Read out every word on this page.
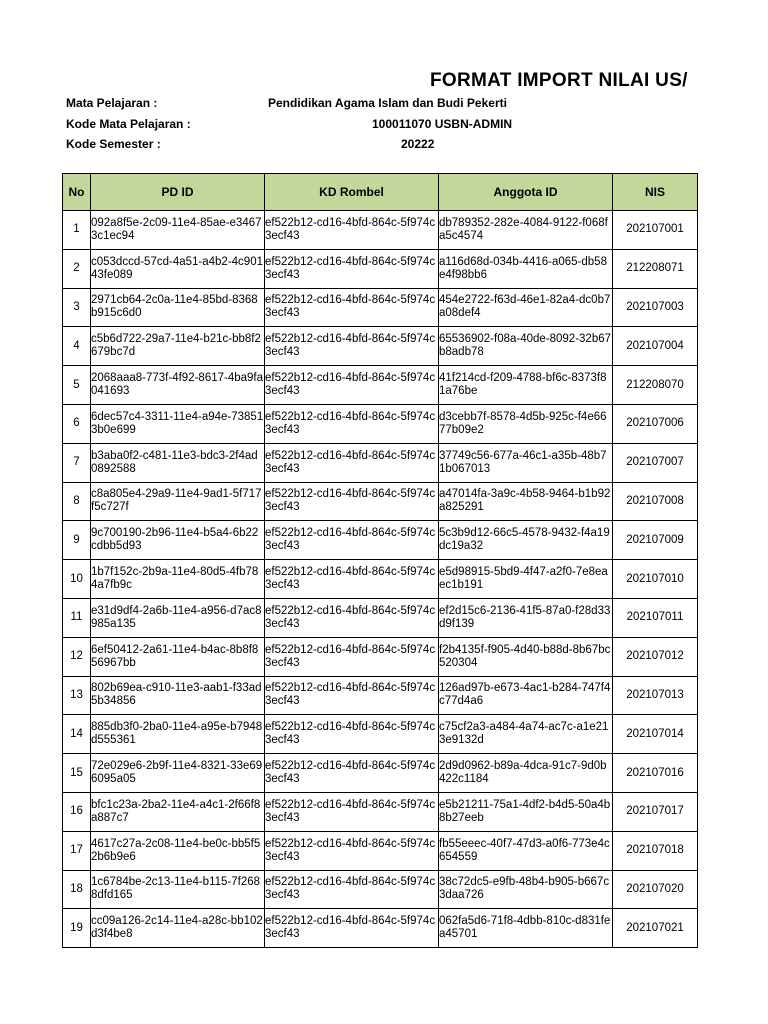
FORMAT IMPORT NILAI US/
Mata Pelajaran :	Pendidikan Agama Islam dan Budi Pekerti
Kode Mata Pelajaran :	100011070 USBN-ADMIN
Kode Semester :	20222
No	PD ID	KD Rombel	Anggota ID	NIS
1	092a8f5e-2c09-11e4-85ae-e34673c1ec94	ef522b12-cd16-4bfd-864c-5f974c3ecf43	db789352-282e-4084-9122-f068fa5c4574	202107001
2	c053dccd-57cd-4a51-a4b2-4c90143fe089	ef522b12-cd16-4bfd-864c-5f974c3ecf43	a116d68d-034b-4416-a065-db58e4f98bb6	212208071
3	2971cb64-2c0a-11e4-85bd-8368b915c6d0	ef522b12-cd16-4bfd-864c-5f974c3ecf43	454e2722-f63d-46e1-82a4-dc0b7a08def4	202107003
4	c5b6d722-29a7-11e4-b21c-bb8f2679bc7d	ef522b12-cd16-4bfd-864c-5f974c3ecf43	65536902-f08a-40de-8092-32b67b8adb78	202107004
5	2068aaa8-773f-4f92-8617-4ba9fa041693	ef522b12-cd16-4bfd-864c-5f974c3ecf43	41f214cd-f209-4788-bf6c-8373f81a76be	212208070
6	6dec57c4-3311-11e4-a94e-738513b0e699	ef522b12-cd16-4bfd-864c-5f974c3ecf43	d3cebb7f-8578-4d5b-925c-f4e6677b09e2	202107006
7	b3aba0f2-c481-11e3-bdc3-2f4ad0892588	ef522b12-cd16-4bfd-864c-5f974c3ecf43	37749c56-677a-46c1-a35b-48b71b067013	202107007
8	c8a805e4-29a9-11e4-9ad1-5f717f5c727f	ef522b12-cd16-4bfd-864c-5f974c3ecf43	a47014fa-3a9c-4b58-9464-b1b92a825291	202107008
9	9c700190-2b96-11e4-b5a4-6b22cdbb5d93	ef522b12-cd16-4bfd-864c-5f974c3ecf43	5c3b9d12-66c5-4578-9432-f4a19dc19a32	202107009
10	1b7f152c-2b9a-11e4-80d5-4fb784a7fb9c	ef522b12-cd16-4bfd-864c-5f974c3ecf43	e5d98915-5bd9-4f47-a2f0-7e8eaec1b191	202107010
11	e31d9df4-2a6b-11e4-a956-d7ac8985a135	ef522b12-cd16-4bfd-864c-5f974c3ecf43	ef2d15c6-2136-41f5-87a0-f28d33d9f139	202107011
12	6ef50412-2a61-11e4-b4ac-8b8f856967bb	ef522b12-cd16-4bfd-864c-5f974c3ecf43	f2b4135f-f905-4d40-b88d-8b67bc520304	202107012
13	802b69ea-c910-11e3-aab1-f33ad5b34856	ef522b12-cd16-4bfd-864c-5f974c3ecf43	126ad97b-e673-4ac1-b284-747f4c77d4a6	202107013
14	885db3f0-2ba0-11e4-a95e-b7948d555361	ef522b12-cd16-4bfd-864c-5f974c3ecf43	c75cf2a3-a484-4a74-ac7c-a1e213e9132d	202107014
15	72e029e6-2b9f-11e4-8321-33e696095a05	ef522b12-cd16-4bfd-864c-5f974c3ecf43	2d9d0962-b89a-4dca-91c7-9d0b422c1184	202107016
16	bfc1c23a-2ba2-11e4-a4c1-2f66f8a887c7	ef522b12-cd16-4bfd-864c-5f974c3ecf43	e5b21211-75a1-4df2-b4d5-50a4b8b27eeb	202107017
17	4617c27a-2c08-11e4-be0c-bb5f52b6b9e6	ef522b12-cd16-4bfd-864c-5f974c3ecf43	fb55eeec-40f7-47d3-a0f6-773e4c654559	202107018
18	1c6784be-2c13-11e4-b115-7f2688dfd165	ef522b12-cd16-4bfd-864c-5f974c3ecf43	38c72dc5-e9fb-48b4-b905-b667c3daa726	202107020
19	cc09a126-2c14-11e4-a28c-bb102d3f4be8	ef522b12-cd16-4bfd-864c-5f974c3ecf43	062fa5d6-71f8-4dbb-810c-d831fea45701	202107021
